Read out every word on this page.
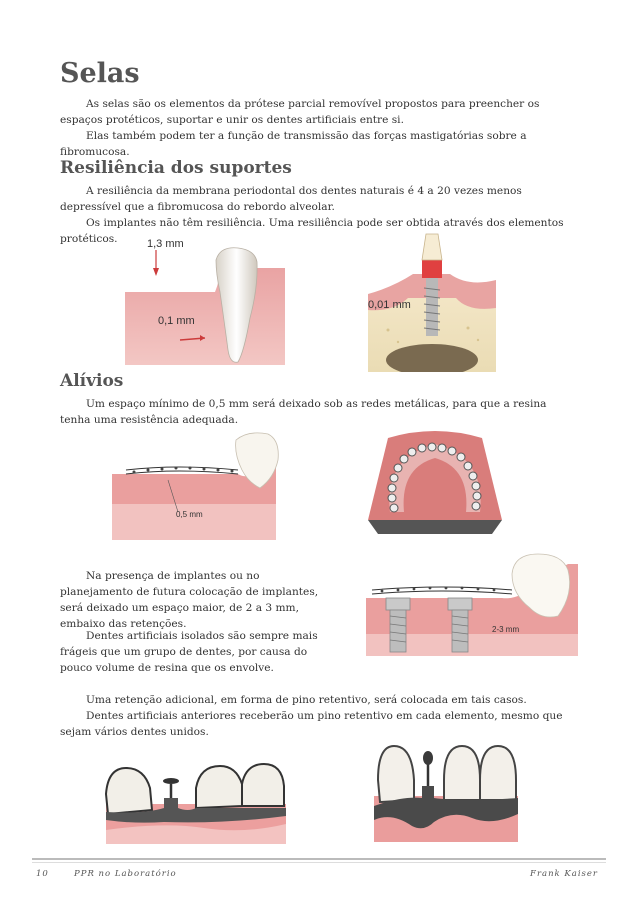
Selas

As selas são os elementos da prótese parcial removível propostos para preencher os espaços protéticos, suportar e unir os dentes artificiais entre si.

Elas também podem ter a função de transmissão das forças mastigatórias sobre a fibromucosa.

Resiliência dos suportes

A resiliência da membrana periodontal dos dentes naturais é 4 a 20 vezes menos depressível que a fibromucosa do rebordo alveolar.

Os implantes não têm resiliência. Uma resiliência pode ser obtida através dos elementos protéticos.	1,3 mm
0,1 mm
0,01 mm
Alívios

Um espaço mínimo de 0,5 mm será deixado sob as redes metálicas, para que a resina tenha uma resistência adequada.

0,5 mm

Na presença de implantes ou no planejamento de futura colocação de implantes, será deixado um espaço maior, de 2 a 3 mm, embaixo das retenções.

Dentes artificiais isolados são sempre mais frágeis que um grupo de dentes, por causa do pouco volume de resina que os envolve.

2-3 mm

Uma retenção adicional, em forma de pino retentivo, será colocada em tais casos.

Dentes artificiais anteriores receberão um pino retentivo em cada elemento, mesmo que sejam vários dentes unidos.

10	PPR no Laboratório	Frank Kaiser
